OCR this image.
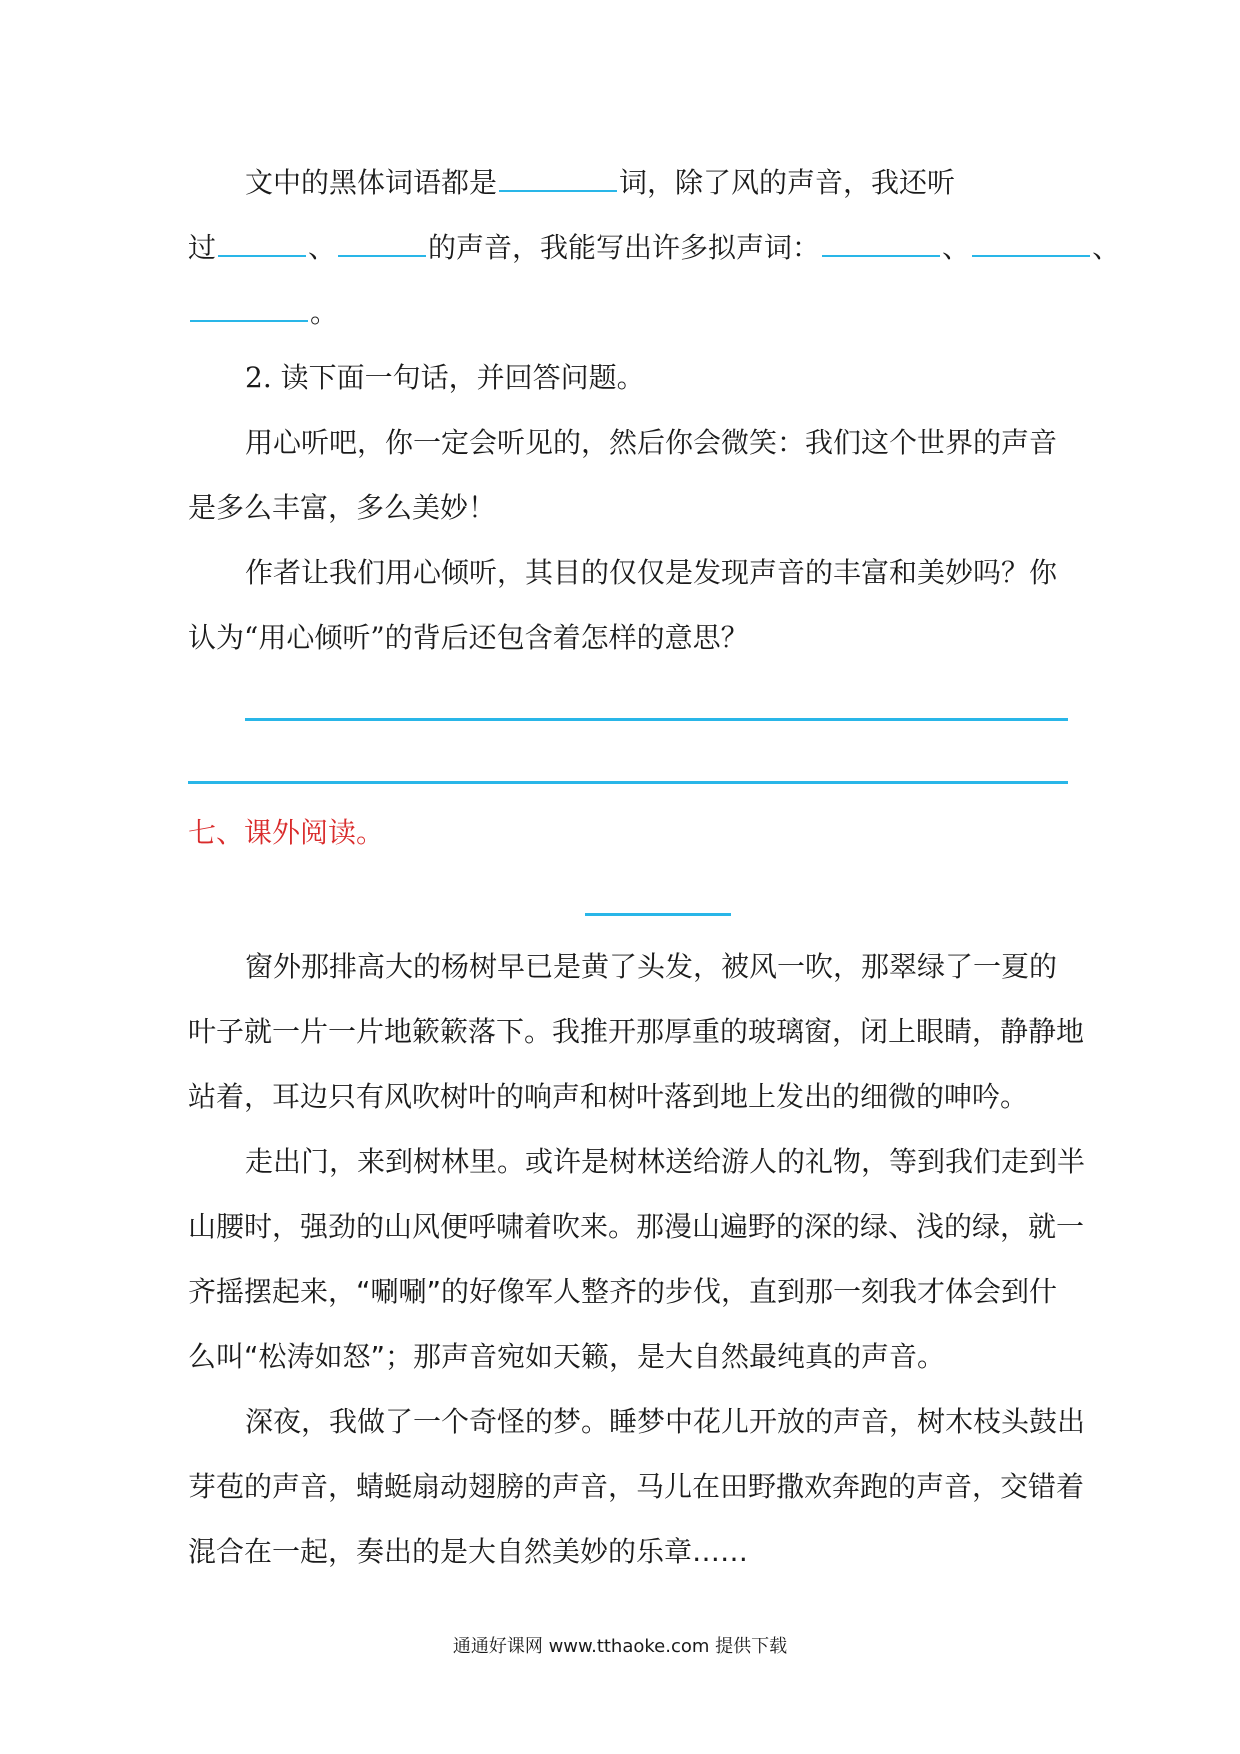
文中的黑体词语都是	词，除了风的声音，我还听
过	、	的声音，我能写出许多拟声词：	、	、
。
2. 读下面一句话，并回答问题。
用心听吧，你一定会听见的，然后你会微笑：我们这个世界的声音
是多么丰富，多么美妙！
作者让我们用心倾听，其目的仅仅是发现声音的丰富和美妙吗？你
认为“用心倾听”的背后还包含着怎样的意思？
七、课外阅读。
窗外那排高大的杨树早已是黄了头发，被风一吹，那翠绿了一夏的
叶子就一片一片地簌簌落下。我推开那厚重的玻璃窗，闭上眼睛，静静地
站着，耳边只有风吹树叶的响声和树叶落到地上发出的细微的呻吟。
走出门，来到树林里。或许是树林送给游人的礼物，等到我们走到半
山腰时，强劲的山风便呼啸着吹来。那漫山遍野的深的绿、浅的绿，就一
齐摇摆起来，“唰唰”的好像军人整齐的步伐，直到那一刻我才体会到什
么叫“松涛如怒”；那声音宛如天籁，是大自然最纯真的声音。
深夜，我做了一个奇怪的梦。睡梦中花儿开放的声音，树木枝头鼓出
芽苞的声音，蜻蜓扇动翅膀的声音，马儿在田野撒欢奔跑的声音，交错着
混合在一起，奏出的是大自然美妙的乐章……
通通好课网 www.tthaoke.com 提供下载
